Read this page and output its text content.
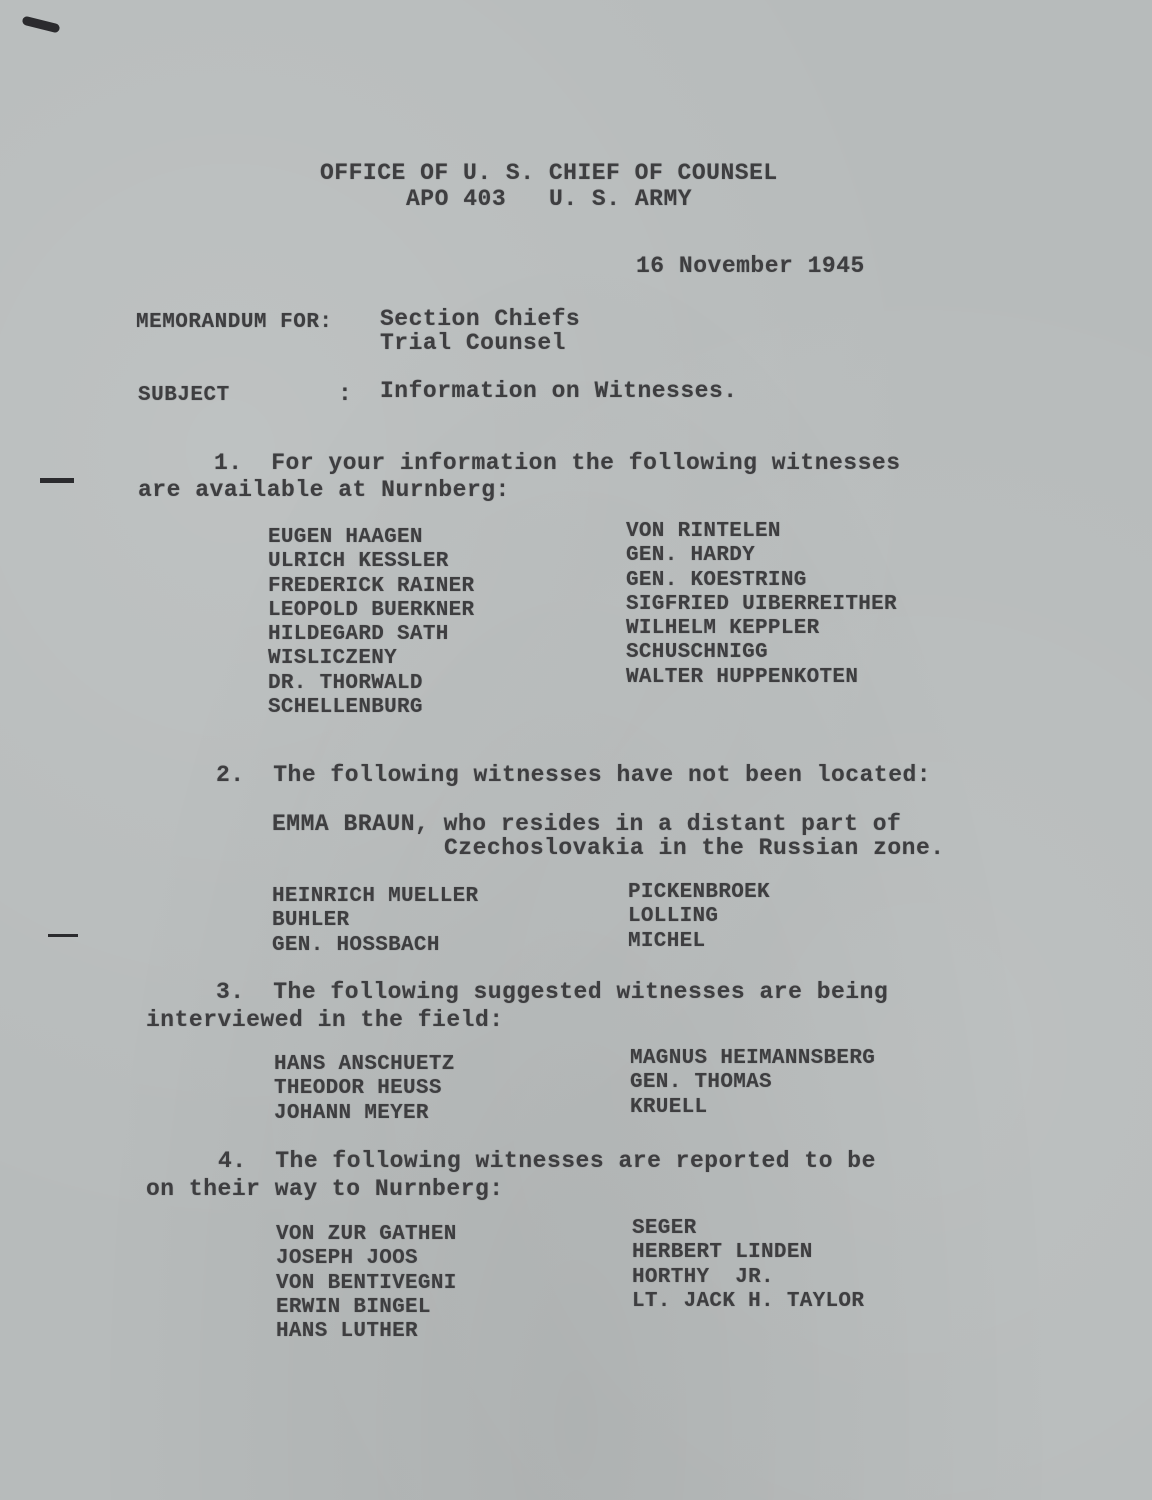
OFFICE OF U. S. CHIEF OF COUNSEL

APO 403   U. S. ARMY

16 November 1945

MEMORANDUM FOR: Section Chiefs

Trial Counsel

SUBJECT	: Information on Witnesses.

1.  For your information the following witnesses

are available at Nurnberg:

EUGEN HAAGEN
ULRICH KESSLER
FREDERICK RAINER
LEOPOLD BUERKNER
HILDEGARD SATH
WISLICZENY
DR. THORWALD
SCHELLENBURG
VON RINTELEN
GEN. HARDY
GEN. KOESTRING
SIGFRIED UIBERREITHER
WILHELM KEPPLER
SCHUSCHNIGG
WALTER HUPPENKOTEN

2.  The following witnesses have not been located:

EMMA BRAUN, who resides in a distant part of

Czechoslovakia in the Russian zone.

HEINRICH MUELLER
BUHLER
GEN. HOSSBACH
PICKENBROEK
LOLLING
MICHEL

3.  The following suggested witnesses are being

interviewed in the field:

HANS ANSCHUETZ
THEODOR HEUSS
JOHANN MEYER
MAGNUS HEIMANNSBERG
GEN. THOMAS
KRUELL

4.  The following witnesses are reported to be

on their way to Nurnberg:

VON ZUR GATHEN
JOSEPH JOOS
VON BENTIVEGNI
ERWIN BINGEL
HANS LUTHER
SEGER
HERBERT LINDEN
HORTHY  JR.
LT. JACK H. TAYLOR
